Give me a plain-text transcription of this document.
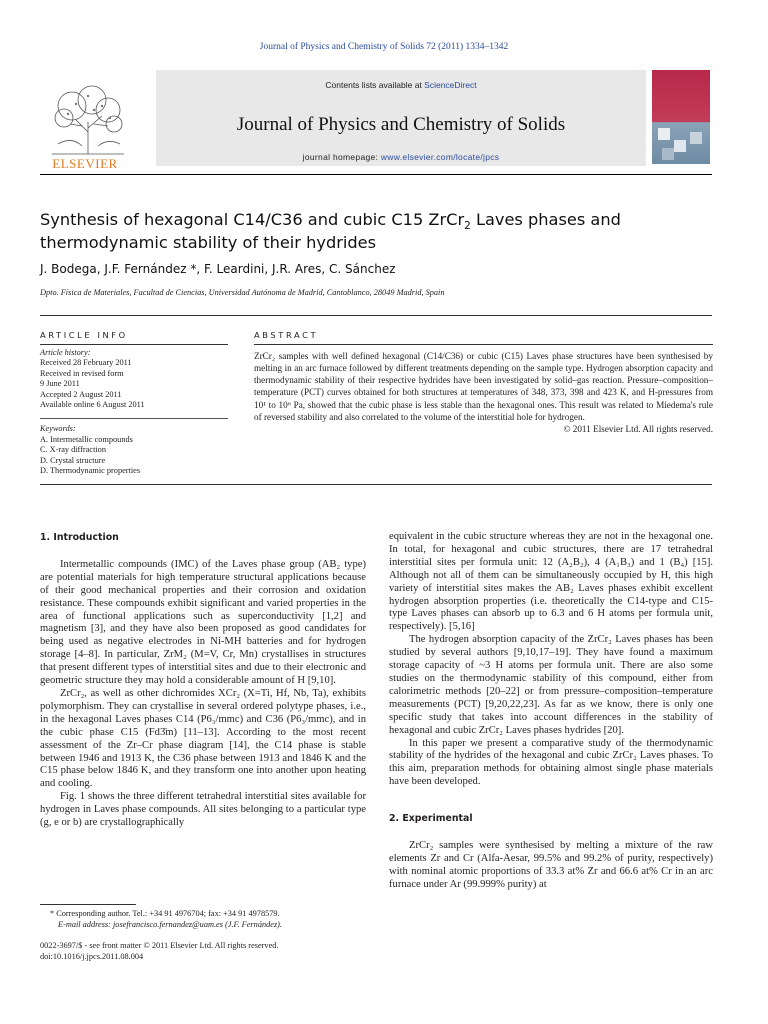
Journal of Physics and Chemistry of Solids 72 (2011) 1334–1342
ELSEVIER
Contents lists available at ScienceDirect
Journal of Physics and Chemistry of Solids
journal homepage: www.elsevier.com/locate/jpcs
Synthesis of hexagonal C14/C36 and cubic C15 ZrCr$_2$ Laves phases and
thermodynamic stability of their hydrides
J. Bodega, J.F. Fernández *, F. Leardini, J.R. Ares, C. Sánchez
Dpto. Física de Materiales, Facultad de Ciencias, Universidad Autónoma de Madrid, Cantoblanco, 28049 Madrid, Spain
ARTICLE INFO
Article history:
Received 28 February 2011
Received in revised form
9 June 2011
Accepted 2 August 2011
Available online 6 August 2011
Keywords:
A. Intermetallic compounds
C. X-ray diffraction
D. Crystal structure
D. Thermodynamic properties
ABSTRACT
ZrCr₂ samples with well defined hexagonal (C14/C36) or cubic (C15) Laves phase structures have been synthesised by melting in an arc furnace followed by different treatments depending on the sample type. Hydrogen absorption capacity and thermodynamic stability of their respective hydrides have been investigated by solid–gas reaction. Pressure–composition–temperature (PCT) curves obtained for both structures at temperatures of 348, 373, 398 and 423 K, and H-pressures from 10¹ to 10⁶ Pa, showed that the cubic phase is less stable than the hexagonal ones. This result was related to Miedema's rule of reversed stability and also correlated to the volume of the interstitial hole for hydrogen.
© 2011 Elsevier Ltd. All rights reserved.

1. Introduction

Intermetallic compounds (IMC) of the Laves phase group (AB₂ type) are potential materials for high temperature structural applications because of their good mechanical properties and their corrosion and oxidation resistance. These compounds exhibit significant and varied properties in the area of functional applications such as superconductivity [1,2] and magnetism [3], and they have also been proposed as good candidates for being used as negative electrodes in Ni-MH batteries and for hydrogen storage [4–8]. In particular, ZrM₂ (M=V, Cr, Mn) crystallises in structures that present different types of interstitial sites and due to their electronic and geometric structure they may hold a considerable amount of H [9,10].

ZrCr₂, as well as other dichromides XCr₂ (X=Ti, Hf, Nb, Ta), exhibits polymorphism. They can crystallise in several ordered polytype phases, i.e., in the hexagonal Laves phases C14 (P6₃/mmc) and C36 (P6₃/mmc), and in the cubic phase C15 (Fd3̄m) [11–13]. According to the most recent assessment of the Zr–Cr phase diagram [14], the C14 phase is stable between 1946 and 1913 K, the C36 phase between 1913 and 1846 K and the C15 phase below 1846 K, and they transform one into another upon heating and cooling.

Fig. 1 shows the three different tetrahedral interstitial sites available for hydrogen in Laves phase compounds. All sites belonging to a particular type (g, e or b) are crystallographically

equivalent in the cubic structure whereas they are not in the hexagonal one. In total, for hexagonal and cubic structures, there are 17 tetrahedral interstitial sites per formula unit: 12 (A₂B₂), 4 (A₁B₃) and 1 (B₄) [15]. Although not all of them can be simultaneously occupied by H, this high variety of interstitial sites makes the AB₂ Laves phases exhibit excellent hydrogen absorption properties (i.e. theoretically the C14-type and C15-type Laves phases can absorb up to 6.3 and 6 H atoms per formula unit, respectively). [5,16]

The hydrogen absorption capacity of the ZrCr₂ Laves phases has been studied by several authors [9,10,17–19]. They have found a maximum storage capacity of ~3 H atoms per formula unit. There are also some studies on the thermodynamic stability of this compound, either from calorimetric methods [20–22] or from pressure–composition–temperature measurements (PCT) [9,20,22,23]. As far as we know, there is only one specific study that takes into account differences in the stability of hexagonal and cubic ZrCr₂ Laves phases hydrides [20].

In this paper we present a comparative study of the thermodynamic stability of the hydrides of the hexagonal and cubic ZrCr₂ Laves phases. To this aim, preparation methods for obtaining almost single phase materials have been developed.

2. Experimental

ZrCr₂ samples were synthesised by melting a mixture of the raw elements Zr and Cr (Alfa-Aesar, 99.5% and 99.2% of purity, respectively) with nominal atomic proportions of 33.3 at% Zr and 66.6 at% Cr in an arc furnace under Ar (99.999% purity) at

* Corresponding author. Tel.: +34 91 4976704; fax: +34 91 4978579.
E-mail address: josefrancisco.fernandez@uam.es (J.F. Fernández).
0022-3697/$ - see front matter © 2011 Elsevier Ltd. All rights reserved.
doi:10.1016/j.jpcs.2011.08.004
